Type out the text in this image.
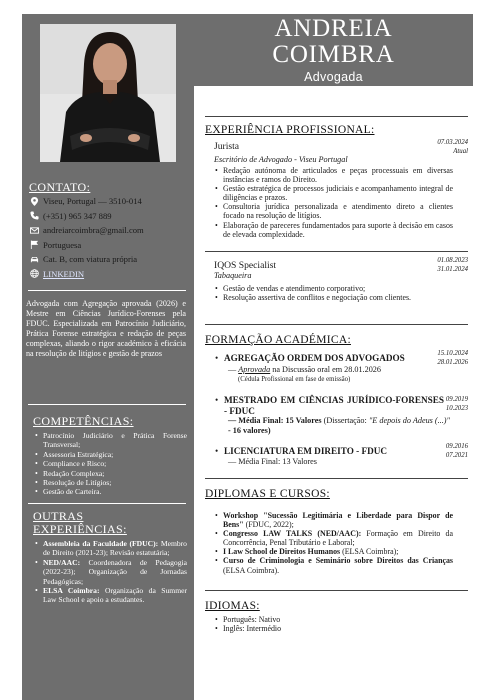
CONTATO:
Viseu, Portugal — 3510-014
(+351) 965 347 889
andreiarcoimbra@gmail.com
Portuguesa
Cat. B, com viatura própria
LINKEDIN
Advogada com Agregação aprovada (2026) e Mestre em Ciências Jurídico-Forenses pela FDUC. Especializada em Patrocínio Judiciário, Prática Forense estratégica e redação de peças complexas, aliando o rigor académico à eficácia na resolução de litígios e gestão de prazos
COMPETÊNCIAS:
• Patrocínio Judiciário e Prática Forense Transversal;
• Assessoria Estratégica;
• Compliance e Risco;
• Redação Complexa;
• Resolução de Litígios;
• Gestão de Carteira.
OUTRAS
EXPERIÊNCIAS:
• Assembleia da Faculdade (FDUC): Membro de Direito (2021-23); Revisão estatutária;
• NED/AAC: Coordenadora de Pedagogia (2022-23); Organização de Jornadas Pedagógicas;
• ELSA Coimbra: Organização da Summer Law School e apoio a estudantes.
ANDREIA
COIMBRA
Advogada
EXPERIÊNCIA PROFISSIONAL:
Jurista	07.03.2024
Atual
Escritório de Advogado - Viseu Portugal
• Redação autónoma de articulados e peças processuais em diversas instâncias e ramos do Direito.
• Gestão estratégica de processos judiciais e acompanhamento integral de diligências e prazos.
• Consultoria jurídica personalizada e atendimento direto a clientes focado na resolução de litígios.
• Elaboração de pareceres fundamentados para suporte à decisão em casos de elevada complexidade.
IQOS Specialist	01.08.2023
31.01.2024
Tabaqueira
• Gestão de vendas e atendimento corporativo;
• Resolução assertiva de conflitos e negociação com clientes.
FORMAÇÃO ACADÉMICA:
• AGREGAÇÃO ORDEM DOS ADVOGADOS	15.10.2024
28.01.2026
— Aprovada na Discussão oral em 28.01.2026
(Cédula Profissional em fase de emissão)
• MESTRADO EM CIÊNCIAS JURÍDICO-FORENSES - FDUC
09.2019
10.2023
— Média Final: 15 Valores (Dissertação: "E depois do Adeus (...)" - 16 valores)
• LICENCIATURA EM DIREITO - FDUC	09.2016
07.2021
— Média Final: 13 Valores
DIPLOMAS E CURSOS:
• Workshop "Sucessão Legitimária e Liberdade para Dispor de Bens" (FDUC, 2022);
• Congresso LAW TALKS (NED/AAC): Formação em Direito da Concorrência, Penal Tributário e Laboral;
• I Law School de Direitos Humanos (ELSA Coimbra);
• Curso de Criminologia e Seminário sobre Direitos das Crianças (ELSA Coimbra).
IDIOMAS:
• Português: Nativo
• Inglês: Intermédio
